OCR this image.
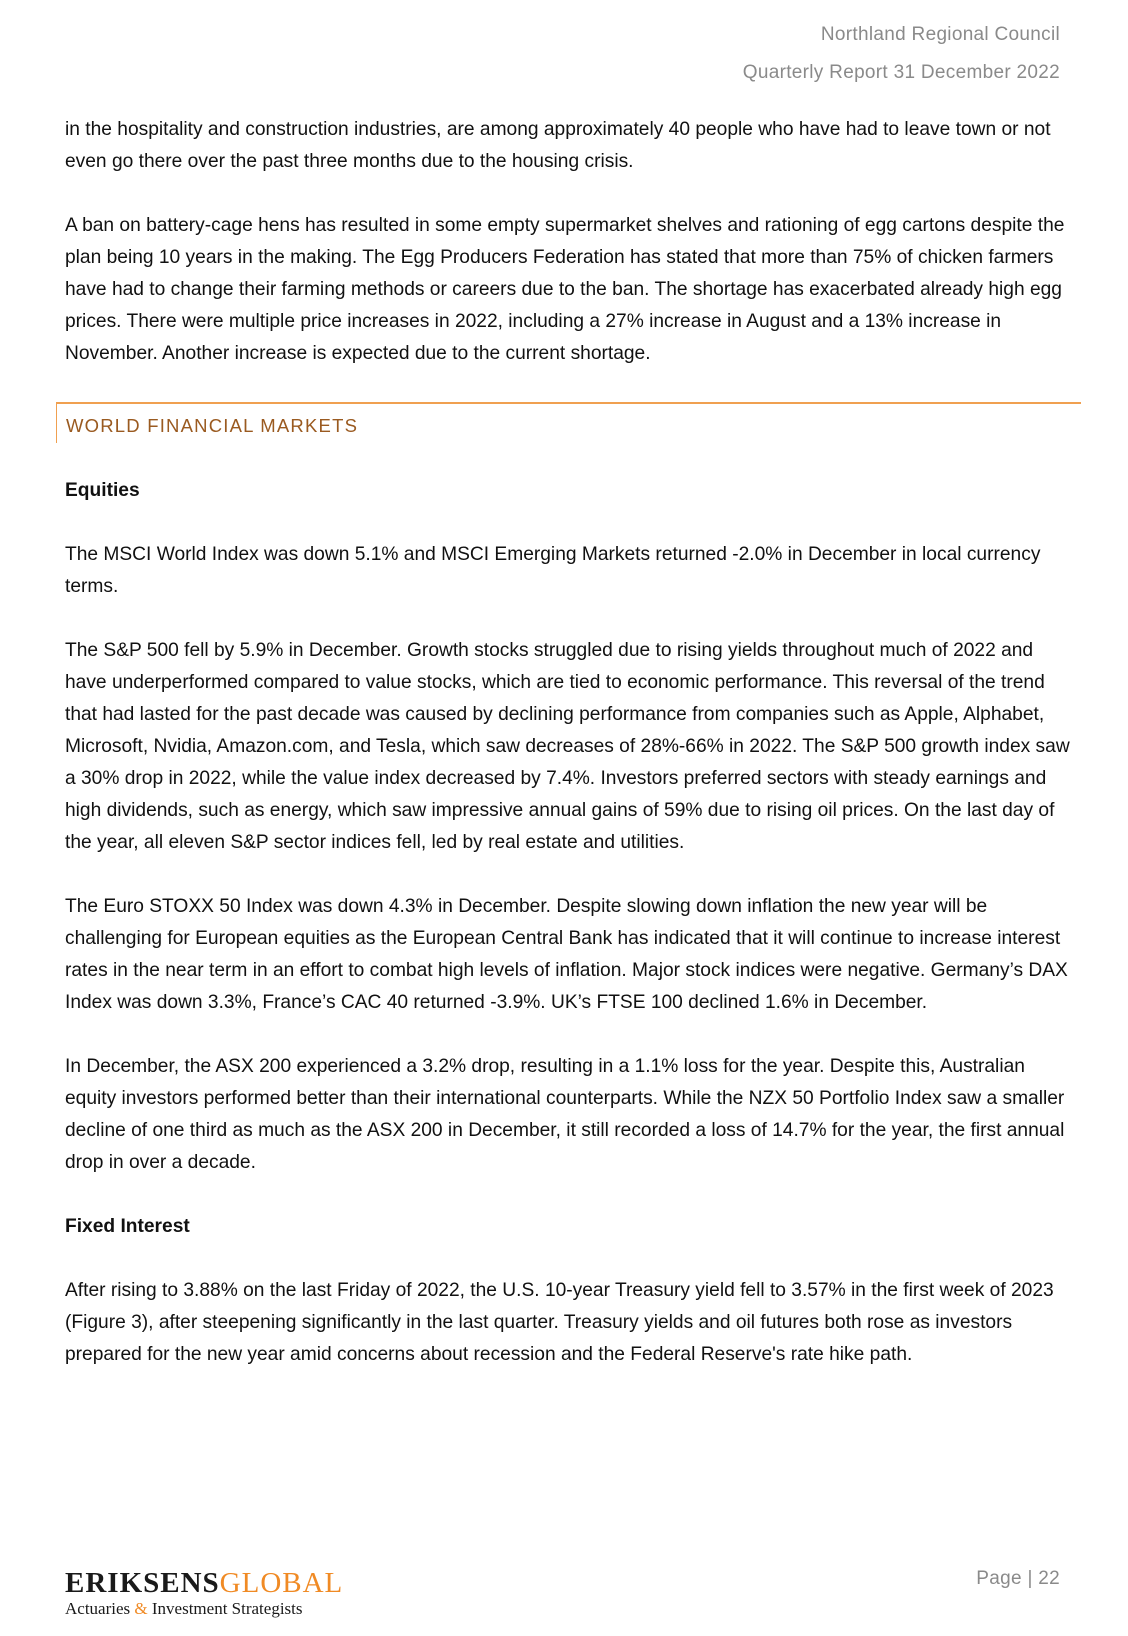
Northland Regional Council
Quarterly Report 31 December 2022

in the hospitality and construction industries, are among approximately 40 people who have had to leave town or not even go there over the past three months due to the housing crisis.

A ban on battery-cage hens has resulted in some empty supermarket shelves and rationing of egg cartons despite the plan being 10 years in the making. The Egg Producers Federation has stated that more than 75% of chicken farmers have had to change their farming methods or careers due to the ban. The shortage has exacerbated already high egg prices. There were multiple price increases in 2022, including a 27% increase in August and a 13% increase in November. Another increase is expected due to the current shortage.

WORLD FINANCIAL MARKETS
Equities

The MSCI World Index was down 5.1% and MSCI Emerging Markets returned -2.0% in December in local currency terms.

The S&P 500 fell by 5.9% in December. Growth stocks struggled due to rising yields throughout much of 2022 and have underperformed compared to value stocks, which are tied to economic performance. This reversal of the trend that had lasted for the past decade was caused by declining performance from companies such as Apple, Alphabet, Microsoft, Nvidia, Amazon.com, and Tesla, which saw decreases of 28%-66% in 2022. The S&P 500 growth index saw a 30% drop in 2022, while the value index decreased by 7.4%. Investors preferred sectors with steady earnings and high dividends, such as energy, which saw impressive annual gains of 59% due to rising oil prices. On the last day of the year, all eleven S&P sector indices fell, led by real estate and utilities.

The Euro STOXX 50 Index was down 4.3% in December. Despite slowing down inflation the new year will be challenging for European equities as the European Central Bank has indicated that it will continue to increase interest rates in the near term in an effort to combat high levels of inflation. Major stock indices were negative. Germany’s DAX Index was down 3.3%, France’s CAC 40 returned -3.9%. UK’s FTSE 100 declined 1.6% in December.

In December, the ASX 200 experienced a 3.2% drop, resulting in a 1.1% loss for the year. Despite this, Australian equity investors performed better than their international counterparts. While the NZX 50 Portfolio Index saw a smaller decline of one third as much as the ASX 200 in December, it still recorded a loss of 14.7% for the year, the first annual drop in over a decade.

Fixed Interest

After rising to 3.88% on the last Friday of 2022, the U.S. 10-year Treasury yield fell to 3.57% in the first week of 2023 (Figure 3), after steepening significantly in the last quarter. Treasury yields and oil futures both rose as investors prepared for the new year amid concerns about recession and the Federal Reserve's rate hike path.

ERIKSENSGLOBAL
Actuaries & Investment Strategists
Page | 22
